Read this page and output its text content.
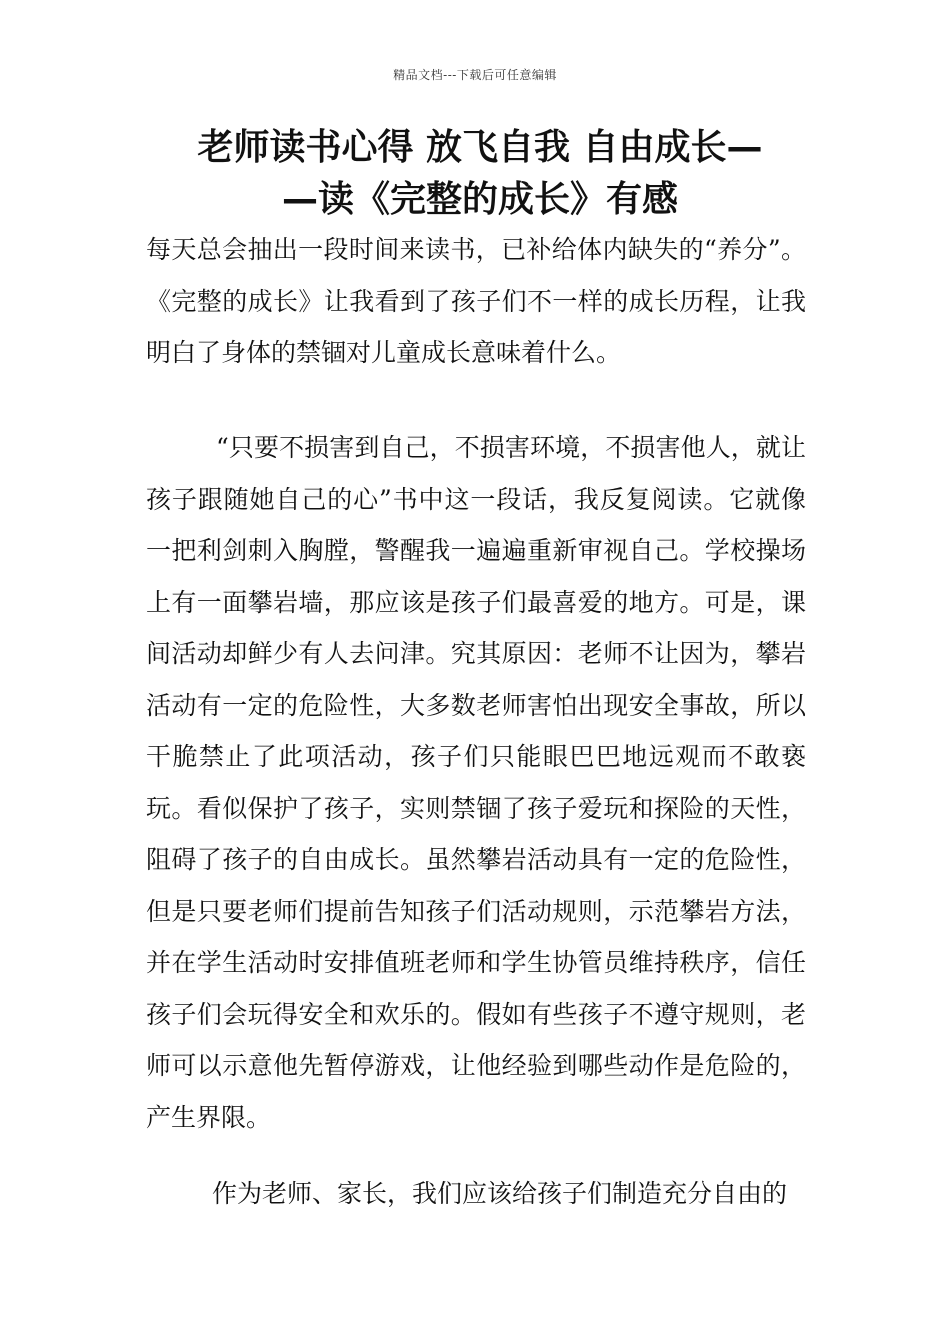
精品文档---下载后可任意编辑
老师读书心得 放飞自我 自由成长—
—读《完整的成长》有感

每天总会抽出一段时间来读书，已补给体内缺失的“养分”。《完整的成长》让我看到了孩子们不一样的成长历程，让我明白了身体的禁锢对儿童成长意味着什么。

“只要不损害到自己，不损害环境，不损害他人，就让孩子跟随她自己的心”书中这一段话，我反复阅读。它就像一把利剑刺入胸膛，警醒我一遍遍重新审视自己。学校操场上有一面攀岩墙，那应该是孩子们最喜爱的地方。可是，课间活动却鲜少有人去问津。究其原因：老师不让因为，攀岩活动有一定的危险性，大多数老师害怕出现安全事故，所以干脆禁止了此项活动，孩子们只能眼巴巴地远观而不敢亵玩。看似保护了孩子，实则禁锢了孩子爱玩和探险的天性，阻碍了孩子的自由成长。虽然攀岩活动具有一定的危险性，但是只要老师们提前告知孩子们活动规则，示范攀岩方法，并在学生活动时安排值班老师和学生协管员维持秩序，信任孩子们会玩得安全和欢乐的。假如有些孩子不遵守规则，老师可以示意他先暂停游戏，让他经验到哪些动作是危险的，产生界限。

作为老师、家长，我们应该给孩子们制造充分自由的
